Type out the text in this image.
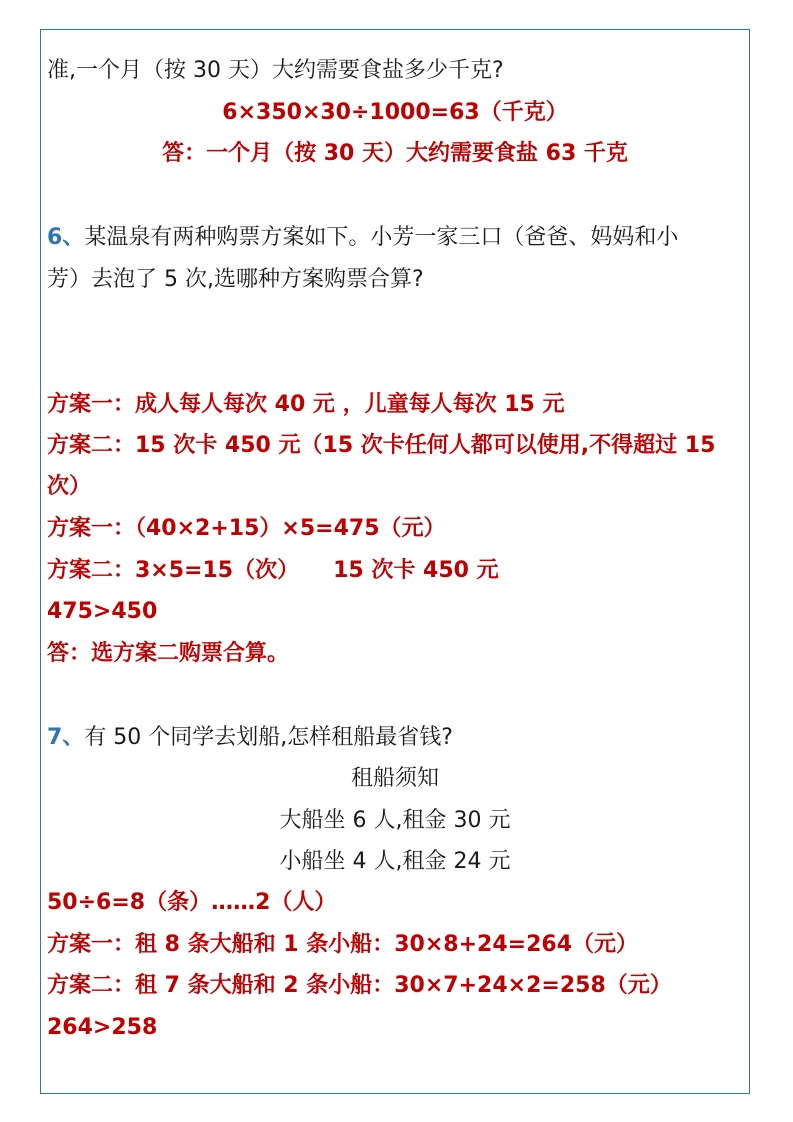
准,一个月（按 30 天）大约需要食盐多少千克?
6×350×30÷1000=63（千克）
答：一个月（按 30 天）大约需要食盐 63 千克
6、某温泉有两种购票方案如下。小芳一家三口（爸爸、妈妈和小
芳）去泡了 5 次,选哪种方案购票合算?
方案一：成人每人每次 40 元 ，儿童每人每次 15 元
方案二：15 次卡 450 元（15 次卡任何人都可以使用,不得超过 15
次）
方案一：（40×2+15）×5=475（元）
方案二：3×5=15（次） 15 次卡 450 元
475>450
答：选方案二购票合算。
7、有 50 个同学去划船,怎样租船最省钱?
租船须知
大船坐 6 人,租金 30 元
小船坐 4 人,租金 24 元
50÷6=8（条）……2（人）
方案一：租 8 条大船和 1 条小船：30×8+24=264（元）
方案二：租 7 条大船和 2 条小船：30×7+24×2=258（元）
264>258
